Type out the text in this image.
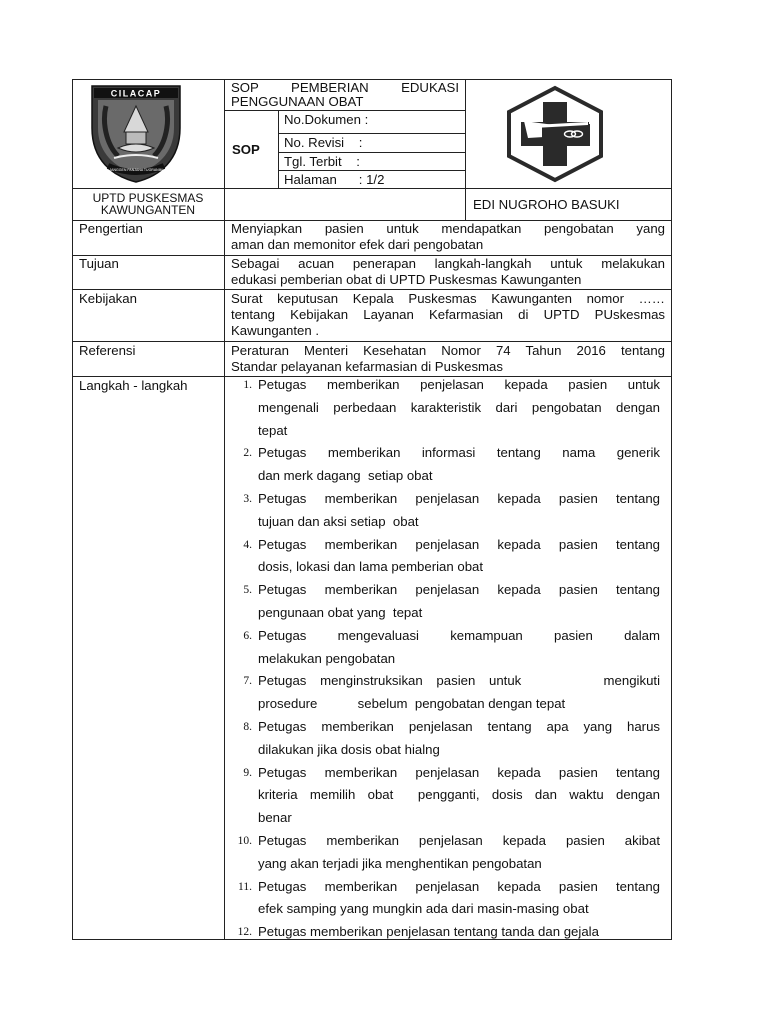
CILACAP
JANGGEN PANJANA TUGRANIM
SOP PEMBERIAN EDUKASI
PENGGUNAAN OBAT
SOP
No.Dokumen :
No. Revisi    :
Tgl. Terbit    :
Halaman      : 1/2
UPTD PUSKESMAS
KAWUNGANTEN	EDI NUGROHO BASUKI
Pengertian	Menyiapkan pasien untuk mendapatkan pengobatan yang
aman dan memonitor efek dari pengobatan
Tujuan	Sebagai acuan penerapan langkah-langkah untuk melakukan
edukasi pemberian obat di UPTD Puskesmas Kawunganten
Kebijakan	Surat keputusan Kepala Puskesmas Kawunganten nomor ……
tentang Kebijakan Layanan Kefarmasian di UPTD PUskesmas
Kawunganten .
Referensi	Peraturan Menteri Kesehatan Nomor 74 Tahun 2016 tentang
Standar pelayanan kefarmasian di Puskesmas
Langkah - langkah	1. Petugas memberikan penjelasan kepada pasien untuk
mengenali perbedaan karakteristik dari pengobatan dengan
tepat
2. Petugas memberikan informasi tentang nama generik
dan merk dagang  setiap obat
3. Petugas memberikan penjelasan kepada pasien tentang
tujuan dan aksi setiap  obat
4. Petugas memberikan penjelasan kepada pasien tentang
dosis, lokasi dan lama pemberian obat
5. Petugas memberikan penjelasan kepada pasien tentang
pengunaan obat yang  tepat
6. Petugas mengevaluasi kemampuan pasien dalam
melakukan pengobatan
7. Petugas menginstruksikan pasien untuk      mengikuti
prosedure           sebelum  pengobatan dengan tepat
8. Petugas memberikan penjelasan tentang apa yang harus
dilakukan jika dosis obat hialng
9. Petugas memberikan penjelasan kepada pasien tentang
kriteria memilih obat  pengganti, dosis dan waktu dengan
benar
10. Petugas memberikan penjelasan kepada pasien akibat
yang akan terjadi jika menghentikan pengobatan
11. Petugas memberikan penjelasan kepada pasien tentang
efek samping yang mungkin ada dari masin-masing obat
12. Petugas memberikan penjelasan tentang tanda dan gejala
